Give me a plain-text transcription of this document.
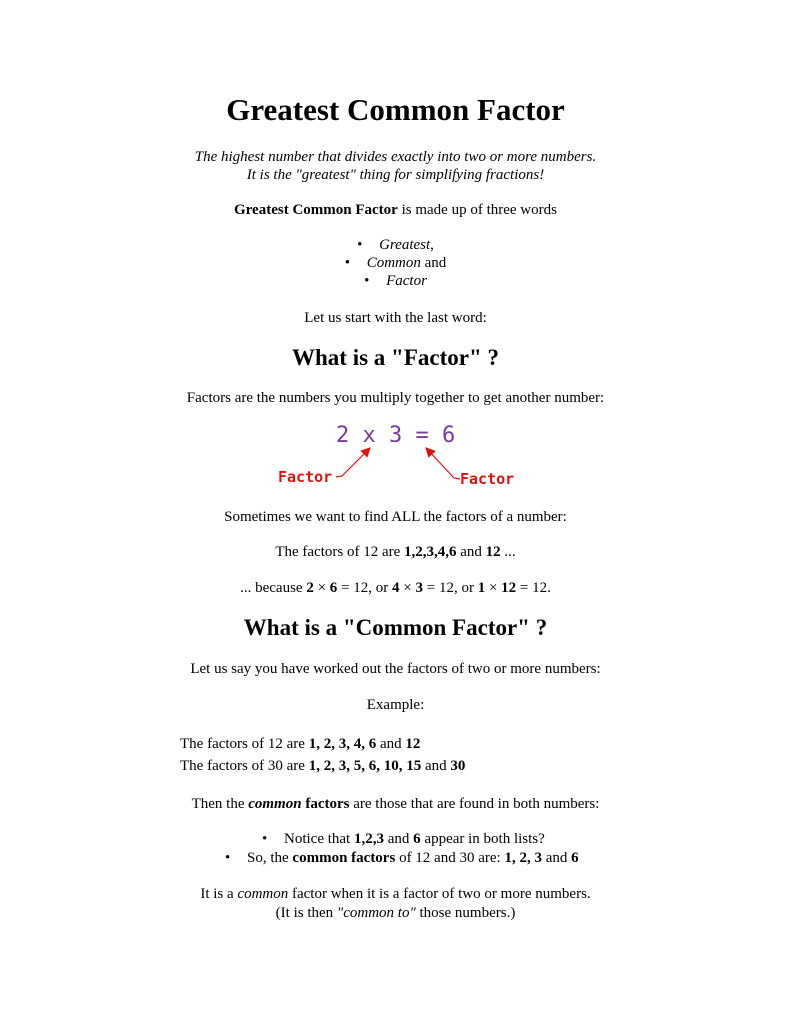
Greatest Common Factor
The highest number that divides exactly into two or more numbers.
It is the "greatest" thing for simplifying fractions!
Greatest Common Factor is made up of three words
• Greatest,
• Common and
• Factor
Let us start with the last word:
What is a "Factor" ?
Factors are the numbers you multiply together to get another number:
2 x 3 = 6
Factor	Factor
Sometimes we want to find ALL the factors of a number:
The factors of 12 are 1,2,3,4,6 and 12 ...
... because 2 × 6 = 12, or 4 × 3 = 12, or 1 × 12 = 12.
What is a "Common Factor" ?
Let us say you have worked out the factors of two or more numbers:
Example:
The factors of 12 are 1, 2, 3, 4, 6 and 12
The factors of 30 are 1, 2, 3, 5, 6, 10, 15 and 30
Then the common factors are those that are found in both numbers:
• Notice that 1,2,3 and 6 appear in both lists?
• So, the common factors of 12 and 30 are: 1, 2, 3 and 6
It is a common factor when it is a factor of two or more numbers.
(It is then "common to" those numbers.)
